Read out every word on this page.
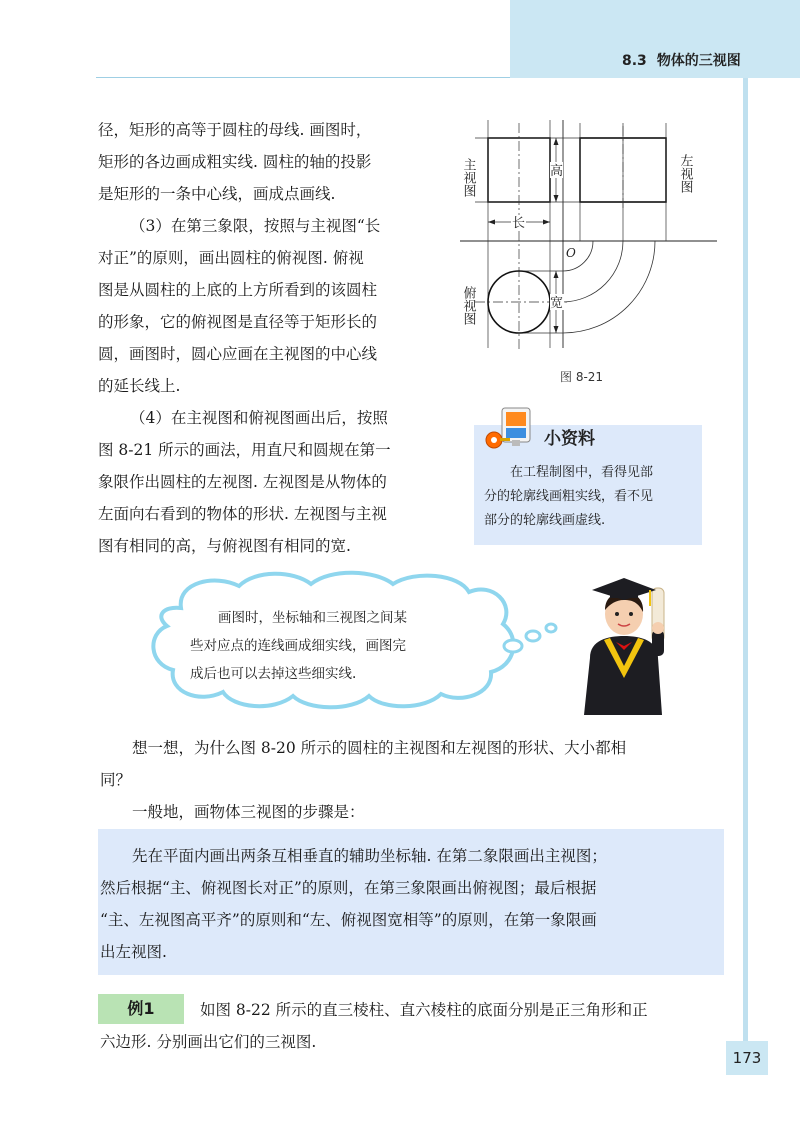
8.3 物体的三视图
径，矩形的高等于圆柱的母线. 画图时，
矩形的各边画成粗实线. 圆柱的轴的投影
是矩形的一条中心线，画成点画线.
（3）在第三象限，按照与主视图“长
对正”的原则，画出圆柱的俯视图. 俯视
图是从圆柱的上底的上方所看到的该圆柱
的形象，它的俯视图是直径等于矩形长的
圆，画图时，圆心应画在主视图的中心线
的延长线上.
（4）在主视图和俯视图画出后，按照
图 8-21 所示的画法，用直尺和圆规在第一
象限作出圆柱的左视图. 左视图是从物体的
左面向右看到的物体的形状. 左视图与主视
图有相同的高，与俯视图有相同的宽.
主视图	左视图
俯视图
高
长
宽
O
图 8-21
小资料
在工程制图中，看得见部
分的轮廓线画粗实线，看不见
部分的轮廓线画虚线.
画图时，坐标轴和三视图之间某
些对应点的连线画成细实线，画图完
成后也可以去掉这些细实线.
想一想，为什么图 8-20 所示的圆柱的主视图和左视图的形状、大小都相
同？
一般地，画物体三视图的步骤是：
先在平面内画出两条互相垂直的辅助坐标轴. 在第二象限画出主视图；
然后根据“主、俯视图长对正”的原则，在第三象限画出俯视图；最后根据
“主、左视图高平齐”的原则和“左、俯视图宽相等”的原则，在第一象限画
出左视图.
例1	如图 8-22 所示的直三棱柱、直六棱柱的底面分别是正三角形和正
六边形. 分别画出它们的三视图.
173
